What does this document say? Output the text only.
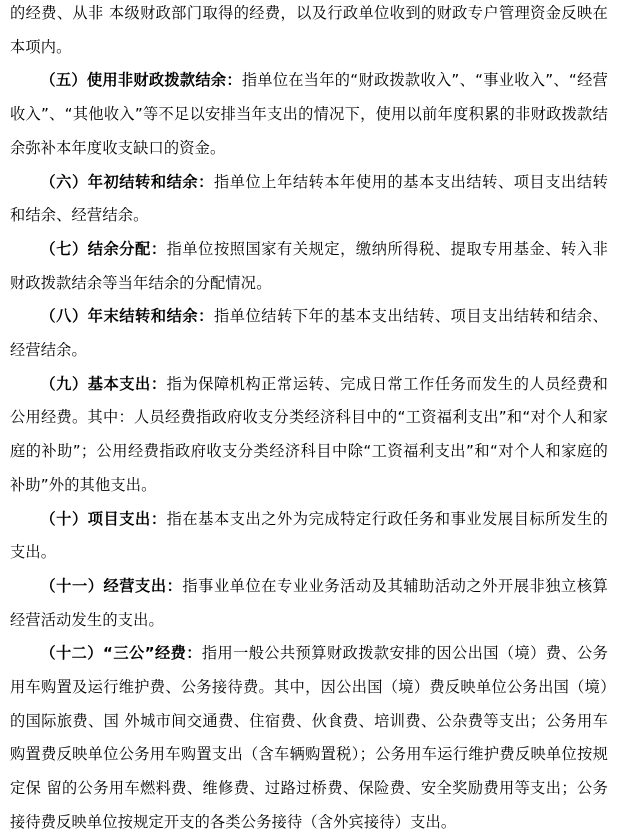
的经费、从非 本级财政部门取得的经费，以及行政单位收到的财政专户管理资金反映在本项内。

（五）使用非财政拨款结余：指单位在当年的“财政拨款收入”、“事业收入”、“经营收入”、“其他收入”等不足以安排当年支出的情况下，使用以前年度积累的非财政拨款结余弥补本年度收支缺口的资金。

（六）年初结转和结余：指单位上年结转本年使用的基本支出结转、项目支出结转和结余、经营结余。

（七）结余分配：指单位按照国家有关规定，缴纳所得税、提取专用基金、转入非财政拨款结余等当年结余的分配情况。

（八）年末结转和结余：指单位结转下年的基本支出结转、项目支出结转和结余、经营结余。

（九）基本支出：指为保障机构正常运转、完成日常工作任务而发生的人员经费和公用经费。其中：人员经费指政府收支分类经济科目中的“工资福利支出”和“对个人和家庭的补助”；公用经费指政府收支分类经济科目中除“工资福利支出”和“对个人和家庭的补助”外的其他支出。

（十）项目支出：指在基本支出之外为完成特定行政任务和事业发展目标所发生的支出。

（十一）经营支出：指事业单位在专业业务活动及其辅助活动之外开展非独立核算经营活动发生的支出。

（十二）“三公”经费：指用一般公共预算财政拨款安排的因公出国（境）费、公务用车购置及运行维护费、公务接待费。其中，因公出国（境）费反映单位公务出国（境）的国际旅费、国 外城市间交通费、住宿费、伙食费、培训费、公杂费等支出；公务用车购置费反映单位公务用车购置支出（含车辆购置税）；公务用车运行维护费反映单位按规定保 留的公务用车燃料费、维修费、过路过桥费、保险费、安全奖励费用等支出；公务接待费反映单位按规定开支的各类公务接待（含外宾接待）支出。
